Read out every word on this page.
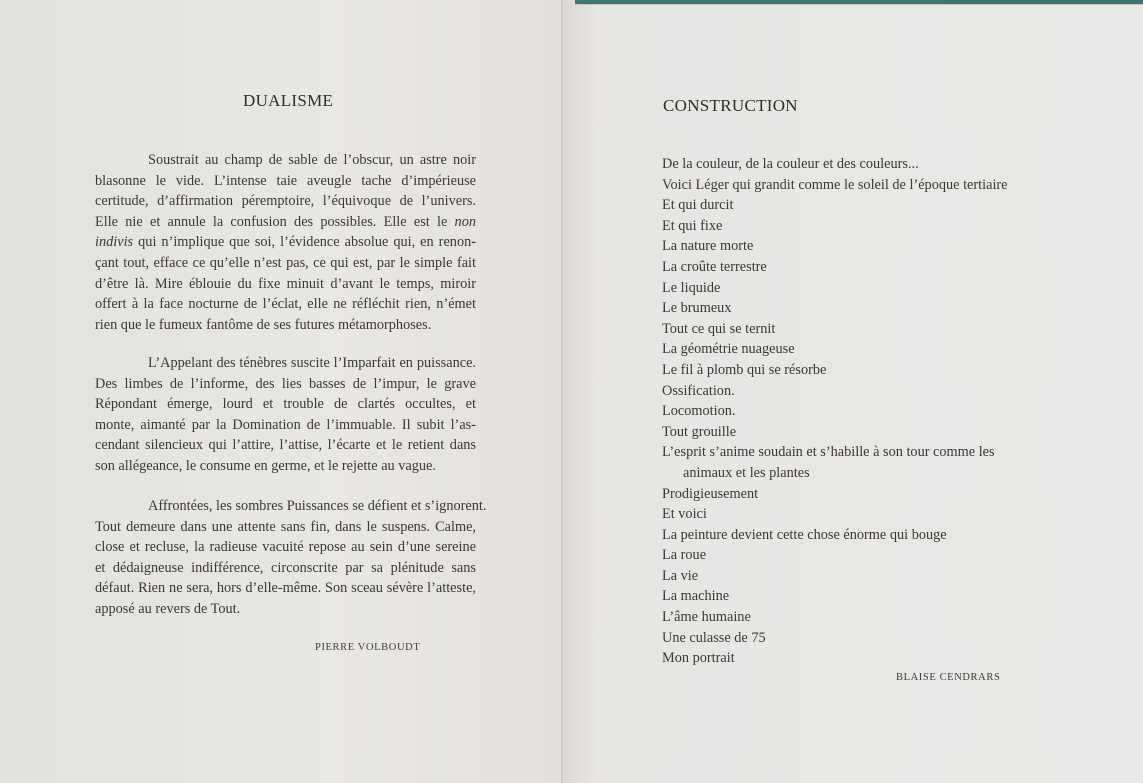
DUALISME

Soustrait au champ de sable de l’obscur, un astre noir
blasonne le vide. L’intense taie aveugle tache d’impérieuse
certitude, d’affirmation péremptoire, l’équivoque de l’univers.
Elle nie et annule la confusion des possibles. Elle est le non
indivis qui n’implique que soi, l’évidence absolue qui, en renon-
çant tout, efface ce qu’elle n’est pas, ce qui est, par le simple fait
d’être là. Mire éblouie du fixe minuit d’avant le temps, miroir
offert à la face nocturne de l’éclat, elle ne réfléchit rien, n’émet
rien que le fumeux fantôme de ses futures métamorphoses.

L’Appelant des ténèbres suscite l’Imparfait en puissance.
Des limbes de l’informe, des lies basses de l’impur, le grave
Répondant émerge, lourd et trouble de clartés occultes, et
monte, aimanté par la Domination de l’immuable. Il subit l’as-
cendant silencieux qui l’attire, l’attise, l’écarte et le retient dans
son allégeance, le consume en germe, et le rejette au vague.

Affrontées, les sombres Puissances se défient et s’ignorent.
Tout demeure dans une attente sans fin, dans le suspens. Calme,
close et recluse, la radieuse vacuité repose au sein d’une sereine
et dédaigneuse indifférence, circonscrite par sa plénitude sans
défaut. Rien ne sera, hors d’elle-même. Son sceau sévère l’atteste,
apposé au revers de Tout.

PIERRE VOLBOUDT
CONSTRUCTION
De la couleur, de la couleur et des couleurs...
Voici Léger qui grandit comme le soleil de l’époque tertiaire
Et qui durcit
Et qui fixe
La nature morte
La croûte terrestre
Le liquide
Le brumeux
Tout ce qui se ternit
La géométrie nuageuse
Le fil à plomb qui se résorbe
Ossification.
Locomotion.
Tout grouille
L’esprit s’anime soudain et s’habille à son tour comme les
animaux et les plantes
Prodigieusement
Et voici
La peinture devient cette chose énorme qui bouge
La roue
La vie
La machine
L’âme humaine
Une culasse de 75
Mon portrait
BLAISE CENDRARS
